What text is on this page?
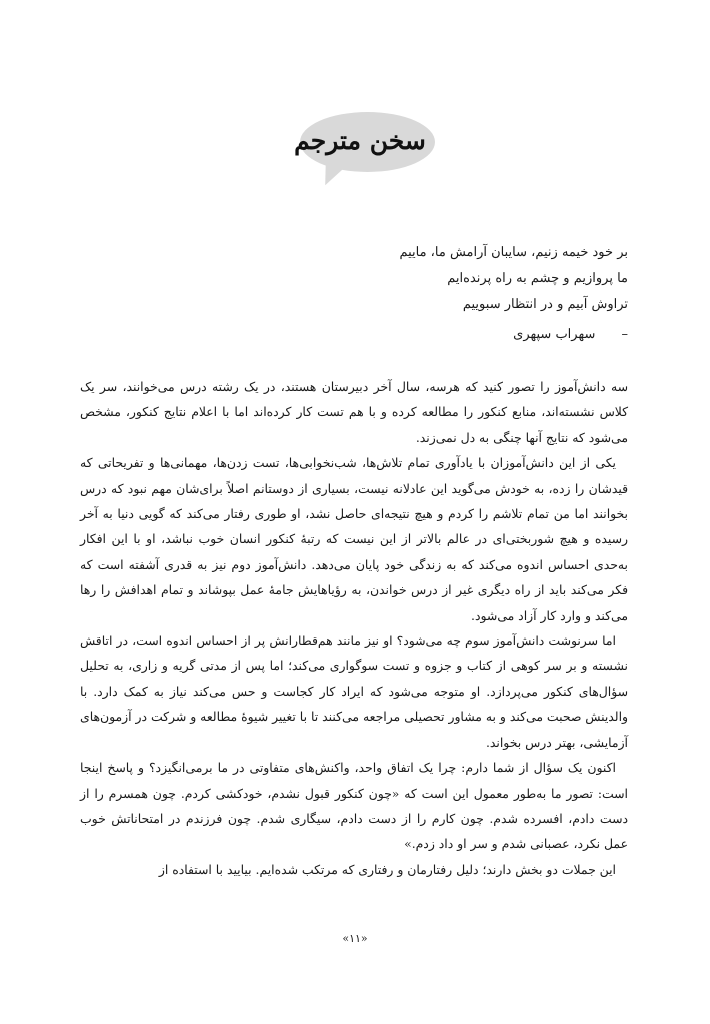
سخن مترجم
بر خود خیمه زنیم، سایبان آرامش ما، ماییم
ما پروازیم و چشم به راه پرنده‌ایم
تراوش آبیم و در انتظار سبوییم
– سهراب سپهری

سه دانش‌آموز را تصور کنید که هرسه، سال آخر دبیرستان هستند، در یک رشته درس می‌خوانند، سر یک کلاس نشسته‌اند، منابع کنکور را مطالعه کرده و با هم تست کار کرده‌اند اما با اعلام نتایج کنکور، مشخص می‌شود که نتایج آنها چنگی به دل نمی‌زند.

یکی از این دانش‌آموزان با یادآوری تمام تلاش‌ها، شب‌نخوابی‌ها، تست زدن‌ها، مهمانی‌ها و تفریحاتی که قیدشان را زده، به خودش می‌گوید این عادلانه نیست، بسیاری از دوستانم اصلاً برای‌شان مهم نبود که درس بخوانند اما من تمام تلاشم را کردم و هیچ نتیجه‌ای حاصل نشد، او طوری رفتار می‌کند که گویی دنیا به آخر رسیده و هیچ شوربختی‌ای در عالم بالاتر از این نیست که رتبهٔ کنکور انسان خوب نباشد، او با این افکار به‌حدی احساس اندوه می‌کند که به زندگی خود پایان می‌دهد. دانش‌آموز دوم نیز به قدری آشفته است که فکر می‌کند باید از راه دیگری غیر از درس خواندن، به رؤیاهایش جامهٔ عمل بپوشاند و تمام اهدافش را رها می‌کند و وارد کار آزاد می‌شود.

اما سرنوشت دانش‌آموز سوم چه می‌شود؟ او نیز مانند هم‌قطارانش پر از احساس اندوه است، در اتاقش نشسته و بر سر کوهی از کتاب و جزوه و تست سوگواری می‌کند؛ اما پس از مدتی گریه و زاری، به تحلیل سؤال‌های کنکور می‌پردازد. او متوجه می‌شود که ایراد کار کجاست و حس می‌کند نیاز به کمک دارد. با والدینش صحبت می‌کند و به مشاور تحصیلی مراجعه می‌کنند تا با تغییر شیوهٔ مطالعه و شرکت در آزمون‌های آزمایشی، بهتر درس بخواند.

اکنون یک سؤال از شما دارم: چرا یک اتفاق واحد، واکنش‌های متفاوتی در ما برمی‌انگیزد؟ و پاسخ اینجا است: تصور ما به‌طور معمول این است که «چون کنکور قبول نشدم، خودکشی کردم. چون همسرم را از دست دادم، افسرده شدم. چون کارم را از دست دادم، سیگاری شدم. چون فرزندم در امتحاناتش خوب عمل نکرد، عصبانی شدم و سر او داد زدم.»

این جملات دو بخش دارند؛ دلیل رفتارمان و رفتاری که مرتکب شده‌ایم. بیایید با استفاده از

«۱۱»
